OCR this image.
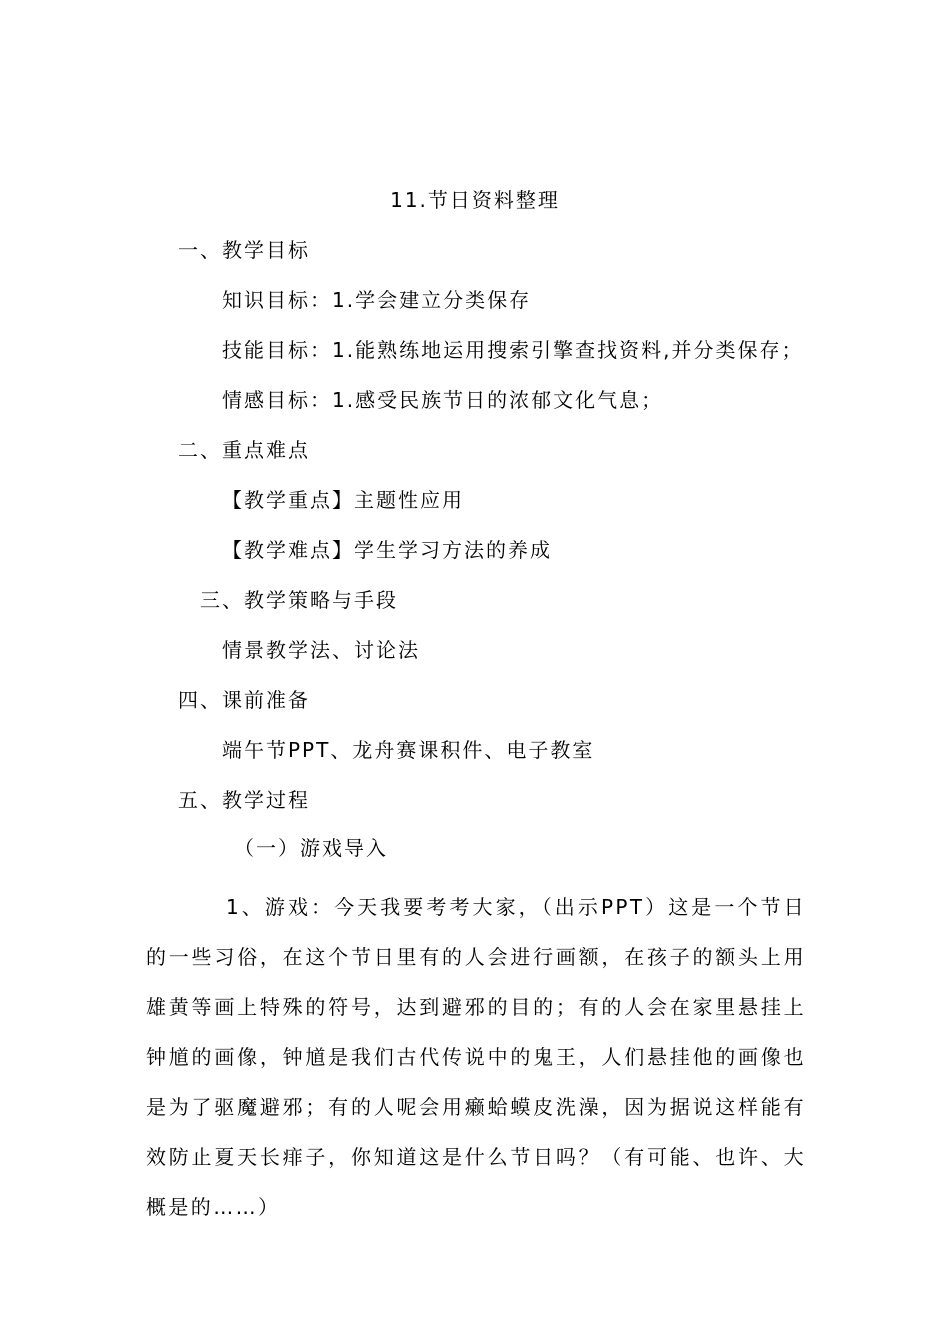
11.节日资料整理
一、教学目标
知识目标：1.学会建立分类保存
技能目标：1.能熟练地运用搜索引擎查找资料,并分类保存；
情感目标：1.感受民族节日的浓郁文化气息；
二、重点难点
【教学重点】主题性应用
【教学难点】学生学习方法的养成
三、教学策略与手段
情景教学法、讨论法
四、课前准备
端午节PPT、龙舟赛课积件、电子教室
五、教学过程
（一）游戏导入
1、游戏：今天我要考考大家，（出示PPT）这是一个节日的一些习俗，在这个节日里有的人会进行画额，在孩子的额头上用雄黄等画上特殊的符号，达到避邪的目的；有的人会在家里悬挂上钟馗的画像，钟馗是我们古代传说中的鬼王，人们悬挂他的画像也是为了驱魔避邪；有的人呢会用癞蛤蟆皮洗澡，因为据说这样能有效防止夏天长痱子，你知道这是什么节日吗？（有可能、也许、大概是的……）
